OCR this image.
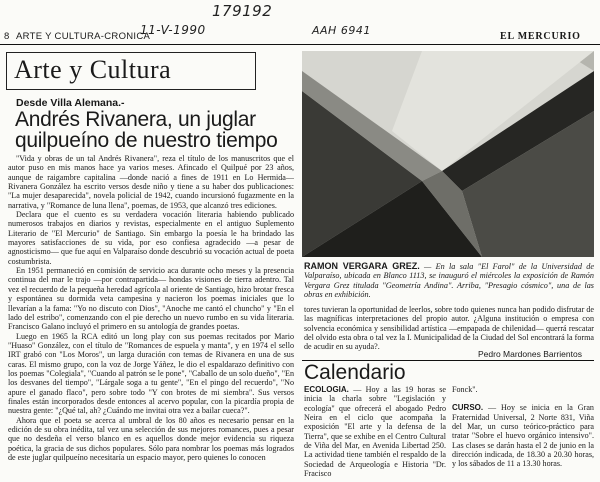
179192
11-V-1990	AAH 6941
8 ARTE Y CULTURA-CRONICA	EL MERCURIO
Arte y Cultura
Desde Villa Alemana.-
Andrés Rivanera, un juglar
quilpueíno de nuestro tiempo

"Vida y obras de un tal Andrés Rivanera", reza el título de los manuscritos que el autor puso en mis manos hace ya varios meses. Afincado el Quilpué por 23 años, aunque de raigambre capitalina —donde nació a fines de 1911 en Lo Hermida— Rivanera González ha escrito versos desde niño y tiene a su haber dos publicaciones: "La mujer desaparecida", novela policial de 1942, cuando incursionó fugazmente en la narrativa, y "Romance de luna llena", poemas, de 1953, que alcanzó tres ediciones.

Declara que el cuento es su verdadera vocación literaria habiendo publicado numerosos trabajos en diarios y revistas, especialmente en el antiguo Suplemento Literario de "El Mercurio" de Santiago. Sin embargo la poesía le ha brindado las mayores satisfacciones de su vida, por eso confiesa agradecido —a pesar de agnosticismo— que fue aquí en Valparaíso donde descubrió su vocación actual de poeta costumbrista.

En 1951 permaneció en comisión de servicio aca durante ocho meses y la presencia continua del mar le trajo —por contrapartida— hondas visiones de tierra adentro. Tal vez el recuerdo de la pequeña heredad agrícola al oriente de Santiago, hizo brotar fresca y espontánea su dormida veta campesina y nacieron los poemas iniciales que lo llevarían a la fama: "Yo no discuto con Dios", "Anoche me cantó el chuncho" y "En el lado del estribo", comenzando con el pie derecho un nuevo rumbo en su vida literaria. Francisco Galano incluyó el primero en su antología de grandes poetas.

Luego en 1965 la RCA editó un long play con sus poemas recitados por Mario "Huaso" González, con el título de "Romances de espuela y manta", y en 1974 el sello IRT grabó con "Los Moros", un larga duración con temas de Rivanera en una de sus caras. El mismo grupo, con la voz de Jorge Yáñez, le dio el espaldarazo definitivo con los poemas "Colegiala", "Cuando al patrón se le pone", "Caballo de un solo dueño", "En los desvanes del tiempo", "Lárgale soga a tu gente", "En el pingo del recuerdo", "No apure el ganado flaco", pero sobre todo "Y con brotes de mi siembra". Sus versos finales están incorporados desde entonces al acervo popular, con la picardía propia de nuestra gente: "¿Qué tal, ah? ¿Cuándo me invitai otra vez a bailar cueca?".

Ahora que el poeta se acerca al umbral de los 80 años es necesario pensar en la edición de su obra inédita, tal vez una selección de sus mejores romances, pues a pesar que no desdeña el verso blanco en es aquellos donde mejor evidencia su riqueza poética, la gracia de sus dichos populares. Sólo para nombrar los poemas más logrados de este juglar quilpueíno necesitaría un espacio mayor, pero quienes lo conocen

RAMON VERGARA GREZ. — En la sala "El Farol" de la Universidad de Valparaíso, ubicada en Blanco 1113, se inauguró el miércoles la exposición de Ramón Vergara Grez titulada "Geometría Andina". Arriba, "Presagio cósmico", una de las obras en exhibición.

tores tuvieran la oportunidad de leerlos, sobre todo quienes nunca han podido disfrutar de las magníficas interpretaciones del propio autor. ¿Alguna institución o empresa con solvencia económica y sensibilidad artística —empapada de chilenidad— querrá rescatar del olvido esta obra o tal vez la I. Municipalidad de la Ciudad del Sol encontrará la forma de acudir en su ayuda?.

Pedro Mardones Barrientos
Calendario

ECOLOGIA. — Hoy a las 19 horas se inicia la charla sobre "Legislación y ecología" que ofrecerá el abogado Pedro Neira en el ciclo que acompaña la exposición "El arte y la defensa de la Tierra", que se exhibe en el Centro Cultural de Viña del Mar, en Avenida Libertad 250. La actividad tiene también el respaldo de la Sociedad de Arqueología e Historia "Dr. Fracisco

Fonck".

CURSO. — Hoy se inicia en la Gran Fraternidad Universal, 2 Norte 831, Viña del Mar, un curso teórico-práctico para tratar "Sobre el huevo orgánico intensivo". Las clases se darán hasta el 2 de junio en la dirección indicada, de 18.30 a 20.30 horas, y los sábados de 11 a 13.30 horas.
